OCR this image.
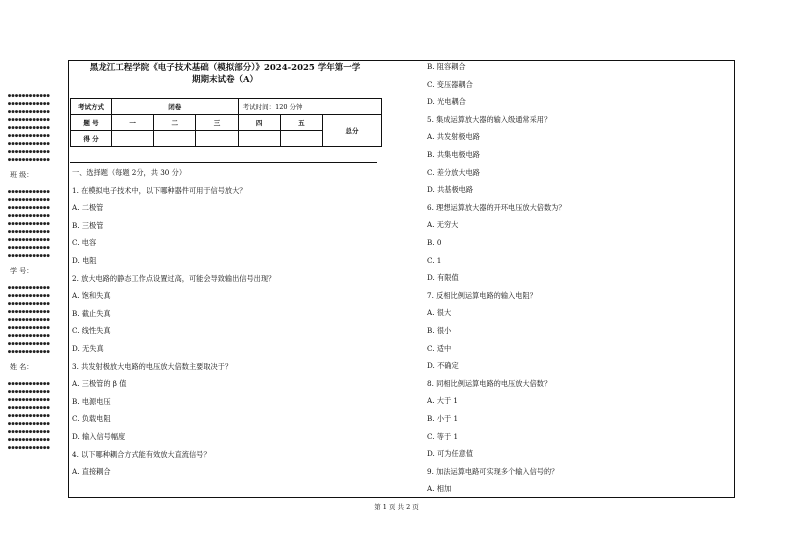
●●●●●●●●●●●●
●●●●●●●●●●●●
●●●●●●●●●●●●
●●●●●●●●●●●●
●●●●●●●●●●●●
●●●●●●●●●●●●
●●●●●●●●●●●●
●●●●●●●●●●●●
●●●●●●●●●●●●
班 级：
●●●●●●●●●●●●
●●●●●●●●●●●●
●●●●●●●●●●●●
●●●●●●●●●●●●
●●●●●●●●●●●●
●●●●●●●●●●●●
●●●●●●●●●●●●
●●●●●●●●●●●●
●●●●●●●●●●●●
学 号：
●●●●●●●●●●●●
●●●●●●●●●●●●
●●●●●●●●●●●●
●●●●●●●●●●●●
●●●●●●●●●●●●
●●●●●●●●●●●●
●●●●●●●●●●●●
●●●●●●●●●●●●
●●●●●●●●●●●●
姓 名：
●●●●●●●●●●●●
●●●●●●●●●●●●
●●●●●●●●●●●●
●●●●●●●●●●●●
●●●●●●●●●●●●
●●●●●●●●●●●●
●●●●●●●●●●●●
●●●●●●●●●●●●
●●●●●●●●●●●●
黑龙江工程学院《电子技术基础（模拟部分）》2024-2025 学年第一学
期期末试卷（A）
考试方式	闭卷			考试时间：120 分钟		
题 号	一	二	三	四	五	总分
得 分						
一、选择题（每题 2分，共 30 分）
1. 在模拟电子技术中，以下哪种器件可用于信号放大？
A. 二极管
B. 三极管
C. 电容
D. 电阻
2. 放大电路的静态工作点设置过高，可能会导致输出信号出现？
A. 饱和失真
B. 截止失真
C. 线性失真
D. 无失真
3. 共发射极放大电路的电压放大倍数主要取决于？
A. 三极管的 β 值
B. 电源电压
C. 负载电阻
D. 输入信号幅度
4. 以下哪种耦合方式能有效放大直流信号？
A. 直接耦合
B. 阻容耦合
C. 变压器耦合
D. 光电耦合
5. 集成运算放大器的输入级通常采用？
A. 共发射极电路
B. 共集电极电路
C. 差分放大电路
D. 共基极电路
6. 理想运算放大器的开环电压放大倍数为？
A. 无穷大
B. 0
C. 1
D. 有限值
7. 反相比例运算电路的输入电阻？
A. 很大
B. 很小
C. 适中
D. 不确定
8. 同相比例运算电路的电压放大倍数？
A. 大于 1
B. 小于 1
C. 等于 1
D. 可为任意值
9. 加法运算电路可实现多个输入信号的？
A. 相加
第 1 页 共 2 页
